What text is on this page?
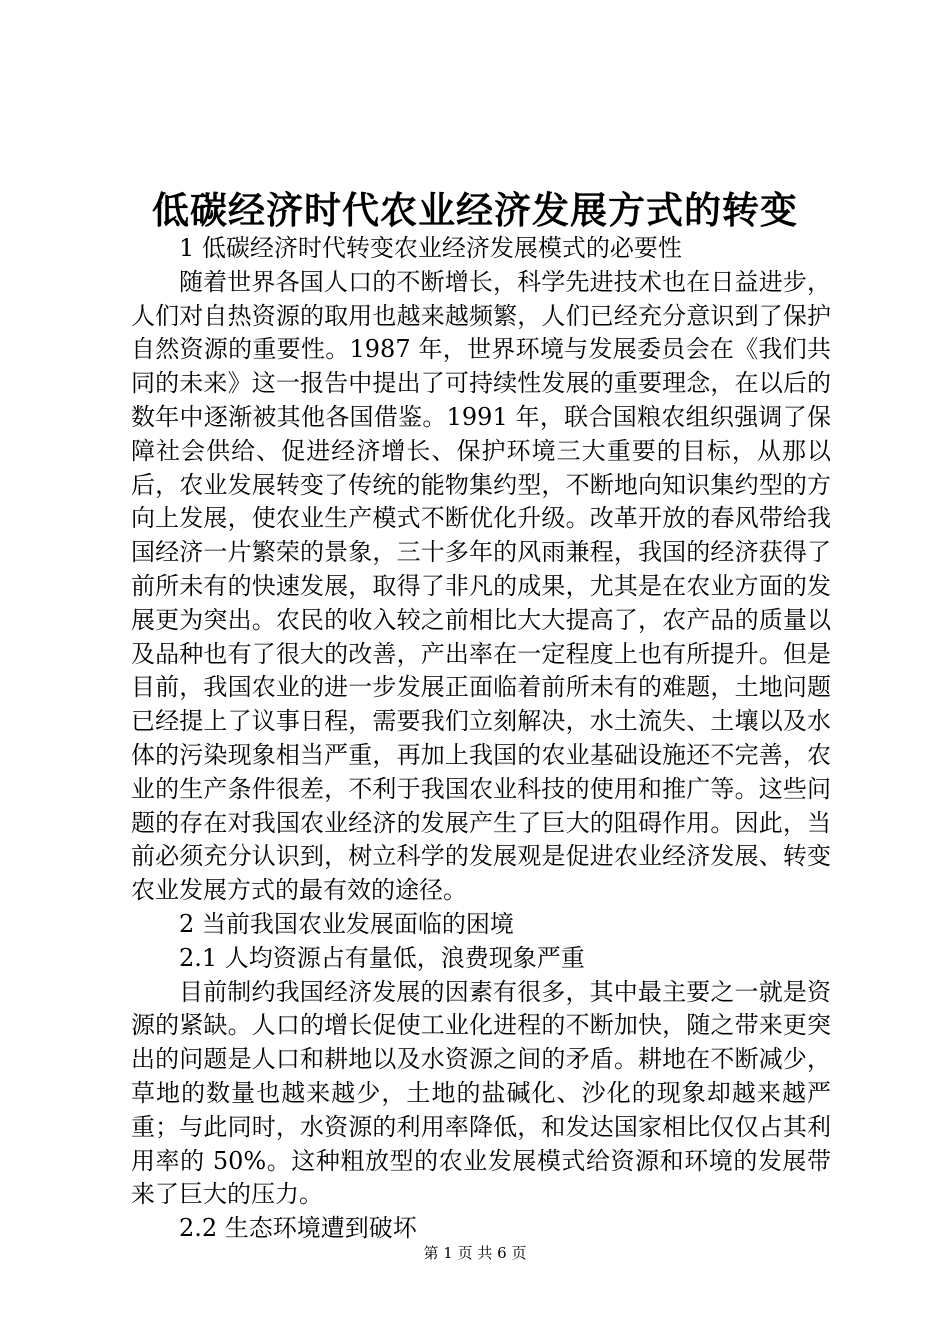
低碳经济时代农业经济发展方式的转变

1 低碳经济时代转变农业经济发展模式的必要性

随着世界各国人口的不断增长，科学先进技术也在日益进步，人们对自热资源的取用也越来越频繁，人们已经充分意识到了保护自然资源的重要性。1987 年，世界环境与发展委员会在《我们共同的未来》这一报告中提出了可持续性发展的重要理念，在以后的数年中逐渐被其他各国借鉴。1991 年，联合国粮农组织强调了保障社会供给、促进经济增长、保护环境三大重要的目标，从那以后，农业发展转变了传统的能物集约型，不断地向知识集约型的方向上发展，使农业生产模式不断优化升级。改革开放的春风带给我国经济一片繁荣的景象，三十多年的风雨兼程，我国的经济获得了前所未有的快速发展，取得了非凡的成果，尤其是在农业方面的发展更为突出。农民的收入较之前相比大大提高了，农产品的质量以及品种也有了很大的改善，产出率在一定程度上也有所提升。但是目前，我国农业的进一步发展正面临着前所未有的难题，土地问题已经提上了议事日程，需要我们立刻解决，水土流失、土壤以及水体的污染现象相当严重，再加上我国的农业基础设施还不完善，农业的生产条件很差，不利于我国农业科技的使用和推广等。这些问题的存在对我国农业经济的发展产生了巨大的阻碍作用。因此，当前必须充分认识到，树立科学的发展观是促进农业经济发展、转变农业发展方式的最有效的途径。

2 当前我国农业发展面临的困境

2.1 人均资源占有量低，浪费现象严重

目前制约我国经济发展的因素有很多，其中最主要之一就是资源的紧缺。人口的增长促使工业化进程的不断加快，随之带来更突出的问题是人口和耕地以及水资源之间的矛盾。耕地在不断减少，草地的数量也越来越少，土地的盐碱化、沙化的现象却越来越严重；与此同时，水资源的利用率降低，和发达国家相比仅仅占其利用率的 50%。这种粗放型的农业发展模式给资源和环境的发展带来了巨大的压力。

2.2 生态环境遭到破坏

第 1 页 共 6 页
